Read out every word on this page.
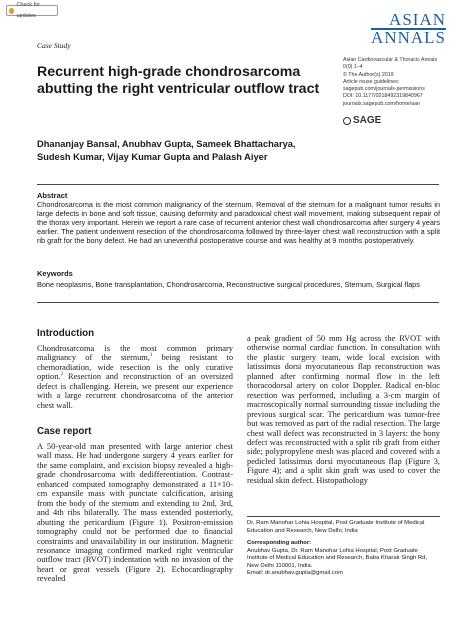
Check for updates
Case Study
ASIAN
ANNALS
Asian Cardiovascular & Thoracic Annals
0(0) 1–4
© The Author(s) 2019
Article reuse guidelines:
sagepub.com/journals-permissions
DOI: 10.1177/0218492319840967
journals.sagepub.com/home/aan
SAGE
Recurrent high-grade chondrosarcoma abutting the right ventricular outflow tract
Dhananjay Bansal, Anubhav Gupta, Sameek Bhattacharya,
Sudesh Kumar, Vijay Kumar Gupta and Palash Aiyer
Abstract
Chondrosarcoma is the most common malignancy of the sternum. Removal of the sternum for a malignant tumor results in large defects in bone and soft tissue, causing deformity and paradoxical chest wall movement, making subsequent repair of the thorax very important. Herein we report a rare case of recurrent anterior chest wall chondrosarcoma after surgery 4 years earlier. The patient underwent resection of the chondrosarcoma followed by three-layer chest wall reconstruction with a split rib graft for the bony defect. He had an uneventful postoperative course and was healthy at 9 months postoperatively.
Keywords
Bone neoplasms, Bone transplantation, Chondrosarcoma, Reconstructive surgical procedures, Sternum, Surgical flaps
Introduction

Chondrosarcoma is the most common primary malignancy of the sternum,$^1$ being resistant to chemoradiation, wide resection is the only curative option.$^2$ Resection and reconstruction of an oversized defect is challenging. Herein, we present our experience with a large recurrent chondrosarcoma of the anterior chest wall.

Case report
A 50-year-old man presented with large anterior chest wall mass. He had undergone surgery 4 years earlier for the same complaint, and excision biopsy revealed a high-grade chondrosarcoma with dedifferentiation. Contrast-enhanced computed tomography demonstrated a 11×10-cm expansile mass with punctate calcification, arising from the body of the sternum and extending to 2nd, 3rd, and 4th ribs bilaterally. The mass extended posteriorly, abutting the pericardium (Figure 1). Positron-emission tomography could not be performed due to financial constraints and unavailability in our institution. Magnetic resonance imaging confirmed marked right ventricular outflow tract (RVOT) indentation with no invasion of the heart or great vessels (Figure 2). Echocardiography revealed
a peak gradient of 50 mm Hg across the RVOT with otherwise normal cardiac function. In consultation with the plastic surgery team, wide local excision with latissimus dorsi myocutaneous flap reconstruction was planned after confirming normal flow in the left thoracodorsal artery on color Doppler. Radical en-bloc resection was performed, including a 3-cm margin of macroscopically normal surrounding tissue including the previous surgical scar. The pericardium was tumor-free but was removed as part of the radial resection. The large chest wall defect was reconstructed in 3 layers: the bony defect was reconstructed with a split rib graft from either side; polypropylene mesh was placed and covered with a pedicled latissimus dorsi myocutaneous flap (Figure 3, Figure 4); and a split skin graft was used to cover the residual skin defect. Histopathology
Dr. Ram Manohar Lohia Hospital, Post Graduate Institute of Medical Education and Research, New Delhi, India
Corresponding author:
Anubhav Gupta, Dr. Ram Manohar Lohia Hospital, Post Graduate Institute of Medical Education and Research, Baba Kharak Singh Rd, New Delhi 110001, India.
Email: dr.anubhav.gupta@gmail.com
